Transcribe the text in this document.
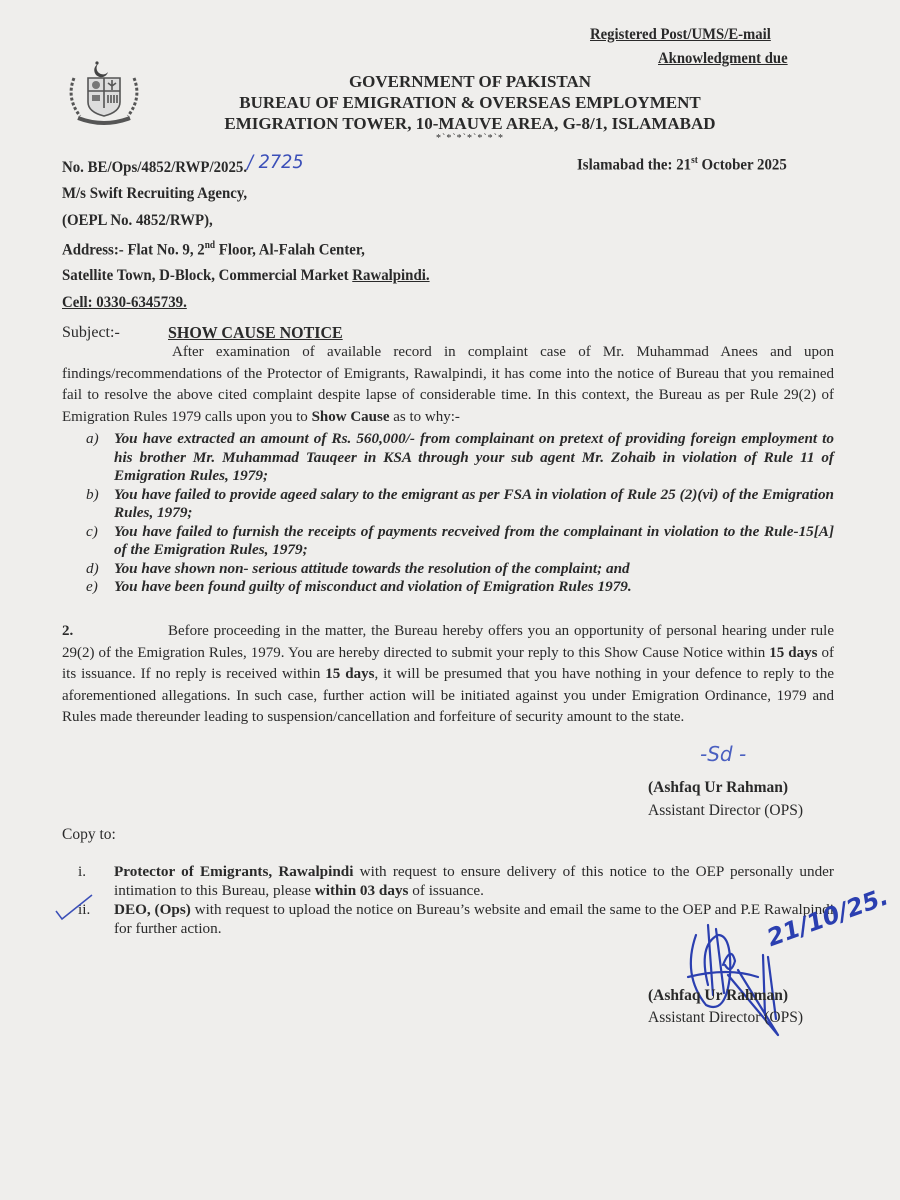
Registered Post/UMS/E-mail
Aknowledgment due
GOVERNMENT OF PAKISTAN
BUREAU OF EMIGRATION & OVERSEAS EMPLOYMENT
EMIGRATION TOWER, 10-MAUVE AREA, G-8/1, ISLAMABAD
*`*`*`*`*`*`*
No. BE/Ops/4852/RWP/2025./ 2725	Islamabad the: 21st October 2025
M/s Swift Recruiting Agency,
(OEPL No. 4852/RWP),
Address:- Flat No. 9, 2nd Floor, Al-Falah Center,
Satellite Town, D-Block, Commercial Market Rawalpindi.
Cell: 0330-6345739.
Subject:-	SHOW CAUSE NOTICE
After examination of available record in complaint case of Mr. Muhammad Anees and upon findings/recommendations of the Protector of Emigrants, Rawalpindi, it has come into the notice of Bureau that you remained fail to resolve the above cited complaint despite lapse of considerable time. In this context, the Bureau as per Rule 29(2) of Emigration Rules 1979 calls upon you to Show Cause as to why:-
a)	You have extracted an amount of Rs. 560,000/- from complainant on pretext of providing foreign employment to his brother Mr. Muhammad Tauqeer in KSA through your sub agent Mr. Zohaib in violation of Rule 11 of Emigration Rules, 1979;
b)	You have failed to provide ageed salary to the emigrant as per FSA in violation of Rule 25 (2)(vi) of the Emigration Rules, 1979;
c)	You have failed to furnish the receipts of payments recveived from the complainant in violation to the Rule-15[A] of the Emigration Rules, 1979;
d)	You have shown non- serious attitude towards the resolution of the complaint; and
e)	You have been found guilty of misconduct and violation of Emigration Rules 1979.
2.	Before proceeding in the matter, the Bureau hereby offers you an opportunity of personal hearing under rule 29(2) of the Emigration Rules, 1979. You are hereby directed to submit your reply to this Show Cause Notice within 15 days of its issuance. If no reply is received within 15 days, it will be presumed that you have nothing in your defence to reply to the aforementioned allegations. In such case, further action will be initiated against you under Emigration Ordinance, 1979 and Rules made thereunder leading to suspension/cancellation and forfeiture of security amount to the state.
-Sd -
(Ashfaq Ur Rahman)
Assistant Director (OPS)
Copy to:
i.	Protector of Emigrants, Rawalpindi with request to ensure delivery of this notice to the OEP personally under intimation to this Bureau, please within 03 days of issuance.
ii.	DEO, (Ops) with request to upload the notice on Bureau’s website and email the same to the OEP and P.E Rawalpindi for further action.	21/10/25.
(Ashfaq Ur Rahman)
Assistant Director (OPS)
